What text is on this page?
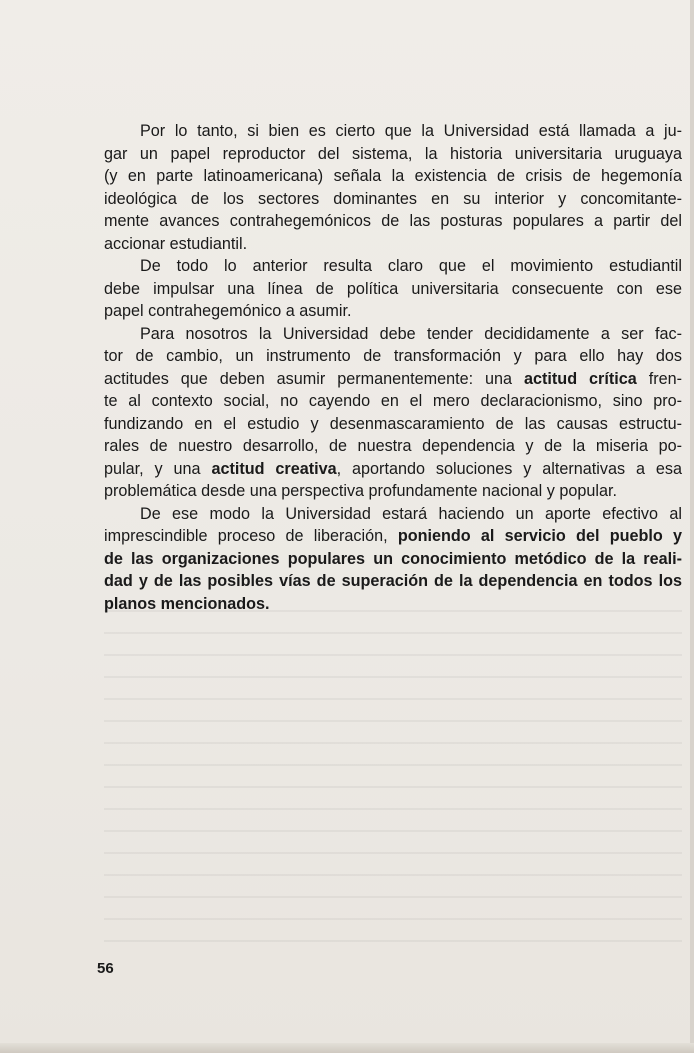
Por lo tanto, si bien es cierto que la Universidad está llamada a ju-
gar un papel reproductor del sistema, la historia universitaria uruguaya
(y en parte latinoamericana) señala la existencia de crisis de hegemonía
ideológica de los sectores dominantes en su interior y concomitante-
mente avances contrahegemónicos de las posturas populares a partir del
accionar estudiantil.
De todo lo anterior resulta claro que el movimiento estudiantil
debe impulsar una línea de política universitaria consecuente con ese
papel contrahegemónico a asumir.
Para nosotros la Universidad debe tender decididamente a ser fac-
tor de cambio, un instrumento de transformación y para ello hay dos
actitudes que deben asumir permanentemente: una actitud crítica fren-
te al contexto social, no cayendo en el mero declaracionismo, sino pro-
fundizando en el estudio y desenmascaramiento de las causas estructu-
rales de nuestro desarrollo, de nuestra dependencia y de la miseria po-
pular, y una actitud creativa, aportando soluciones y alternativas a esa
problemática desde una perspectiva profundamente nacional y popular.
De ese modo la Universidad estará haciendo un aporte efectivo al
imprescindible proceso de liberación, poniendo al servicio del pueblo y
de las organizaciones populares un conocimiento metódico de la reali-
dad y de las posibles vías de superación de la dependencia en todos los
planos mencionados.
56
